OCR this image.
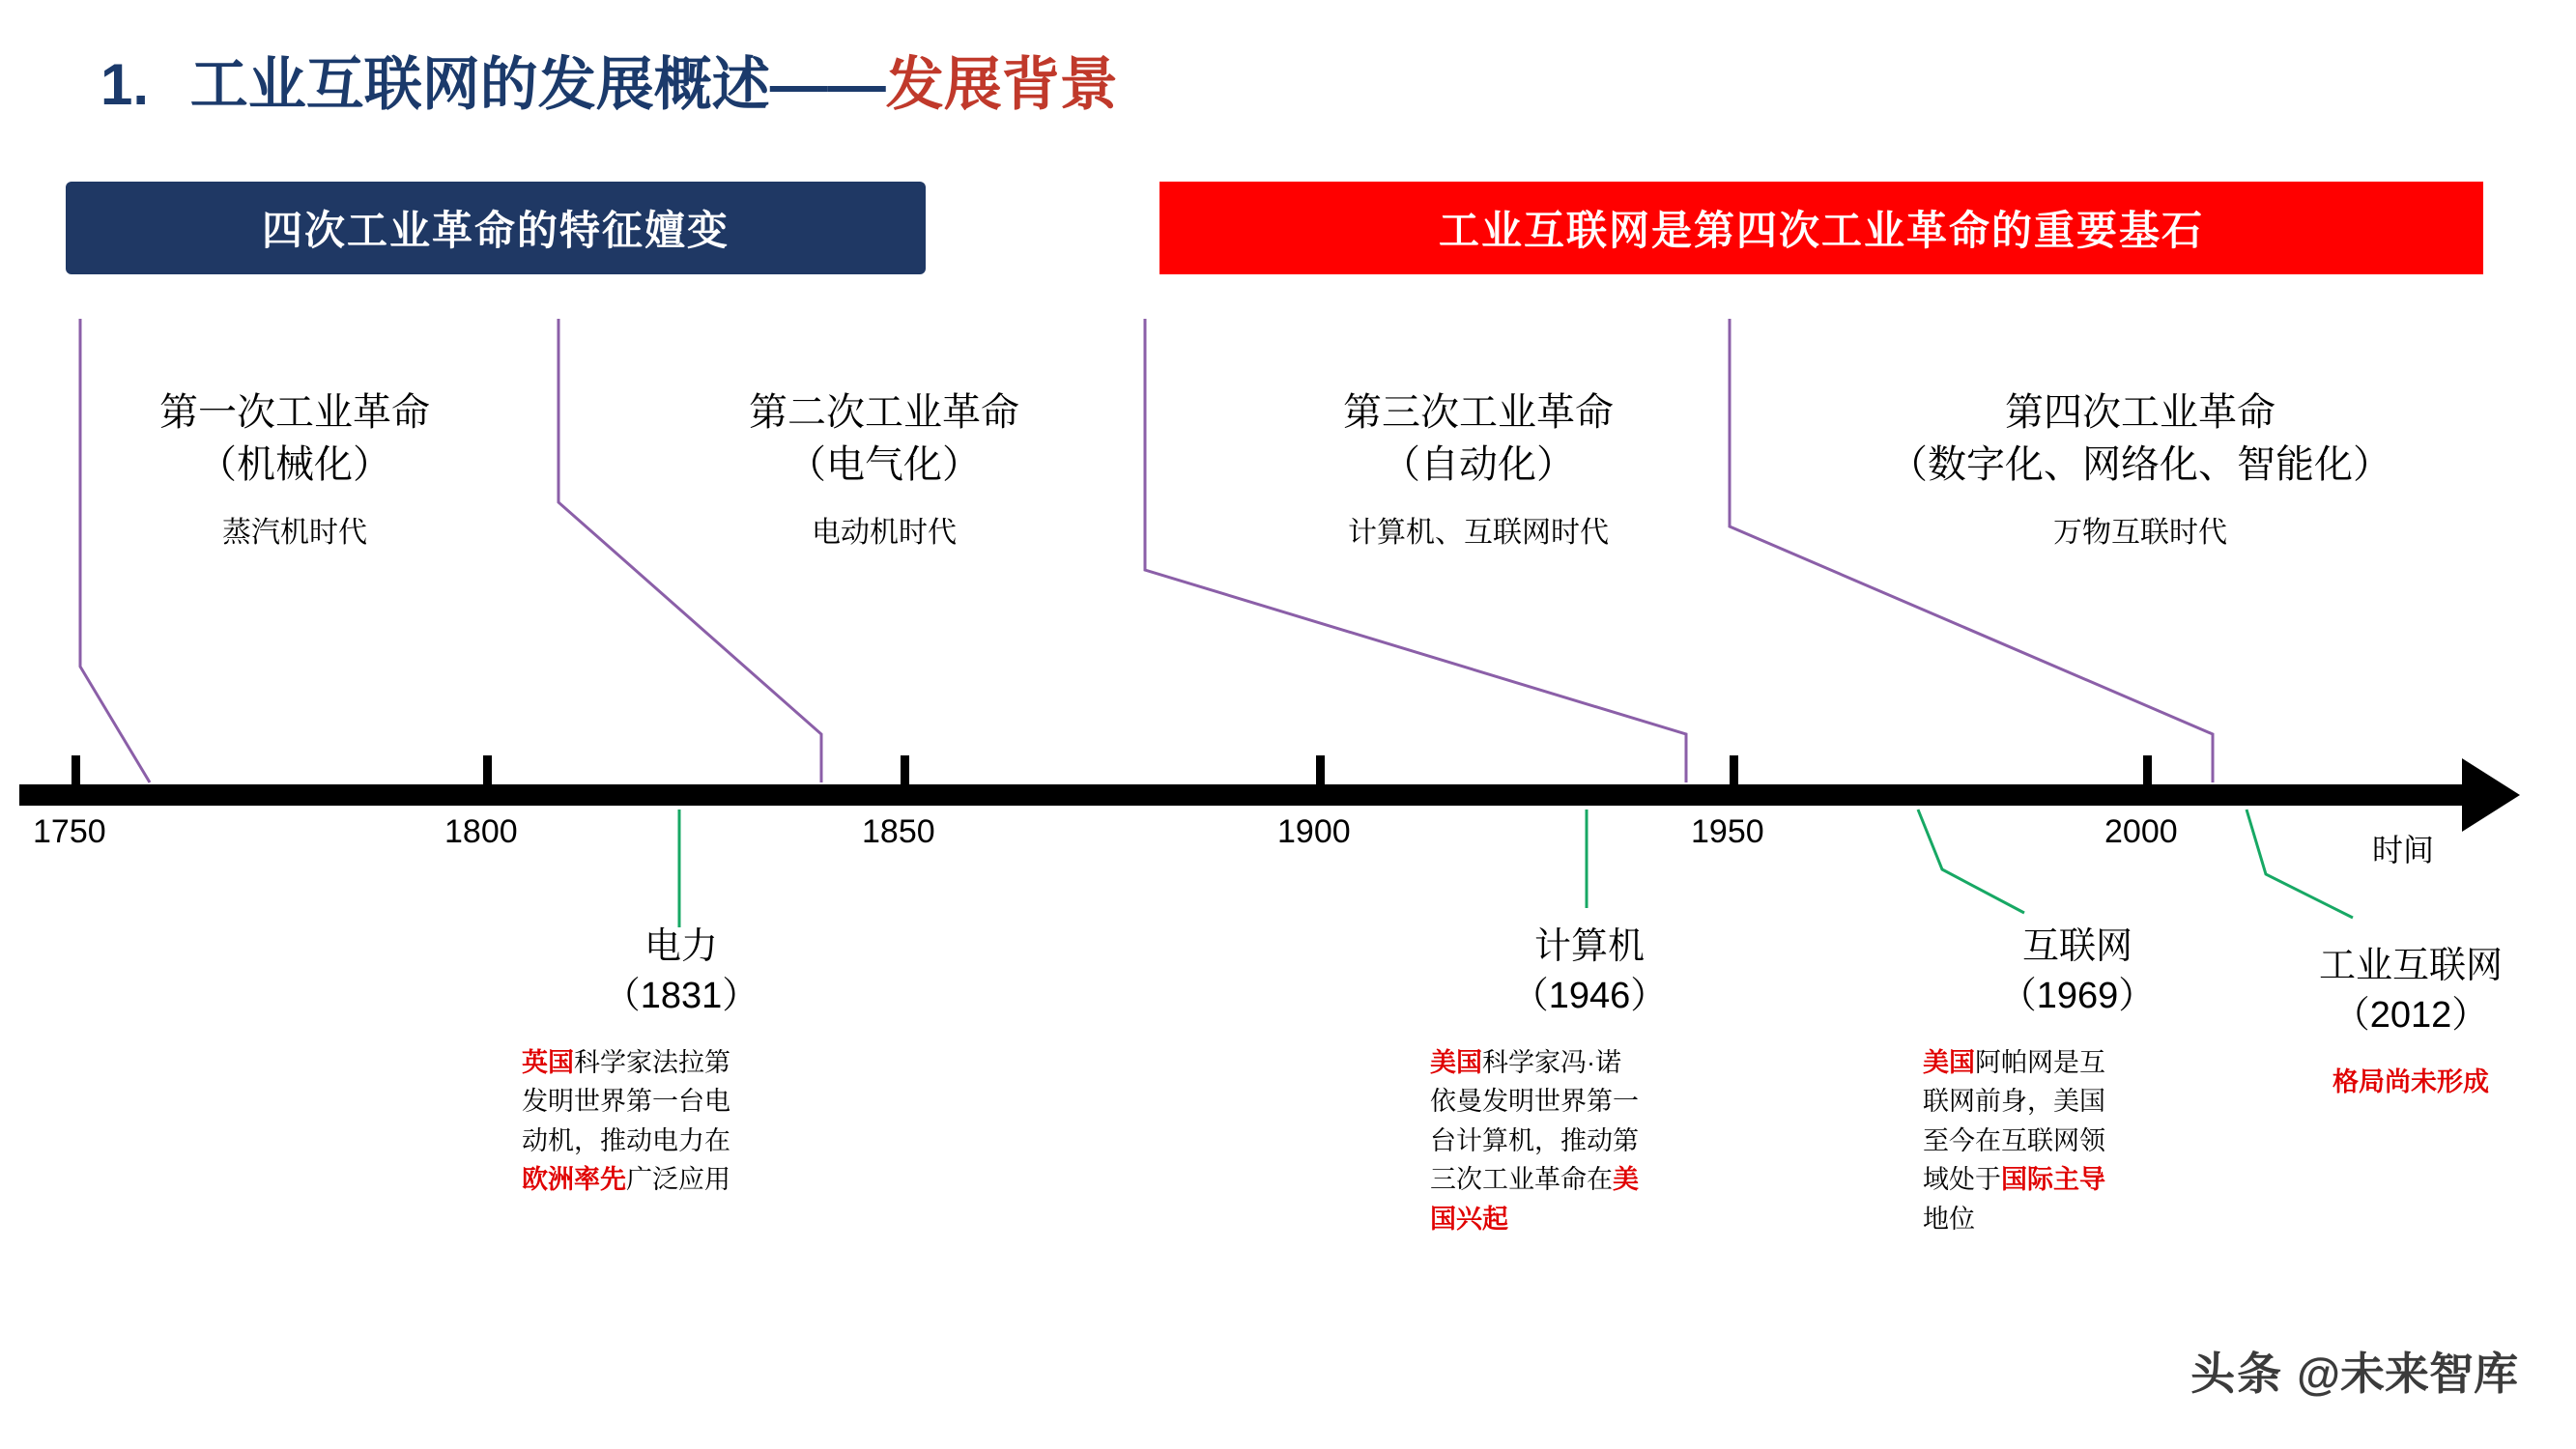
1. 工业互联网的发展概述——发展背景
四次工业革命的特征嬗变	工业互联网是第四次工业革命的重要基石
第一次工业革命
（机械化）
蒸汽机时代
第二次工业革命
（电气化）
电动机时代
第三次工业革命
（自动化）
计算机、互联网时代
第四次工业革命
（数字化、网络化、智能化）
万物互联时代
1750	1800	1850	1900	1950	2000	时间
电力
（1831）
英国科学家法拉第
发明世界第一台电
动机，推动电力在
欧洲率先广泛应用
计算机
（1946）
美国科学家冯·诺
依曼发明世界第一
台计算机，推动第
三次工业革命在美
国兴起
互联网
（1969）
美国阿帕网是互
联网前身，美国
至今在互联网领
域处于国际主导
地位
工业互联网
（2012）
格局尚未形成
头条 @未来智库
